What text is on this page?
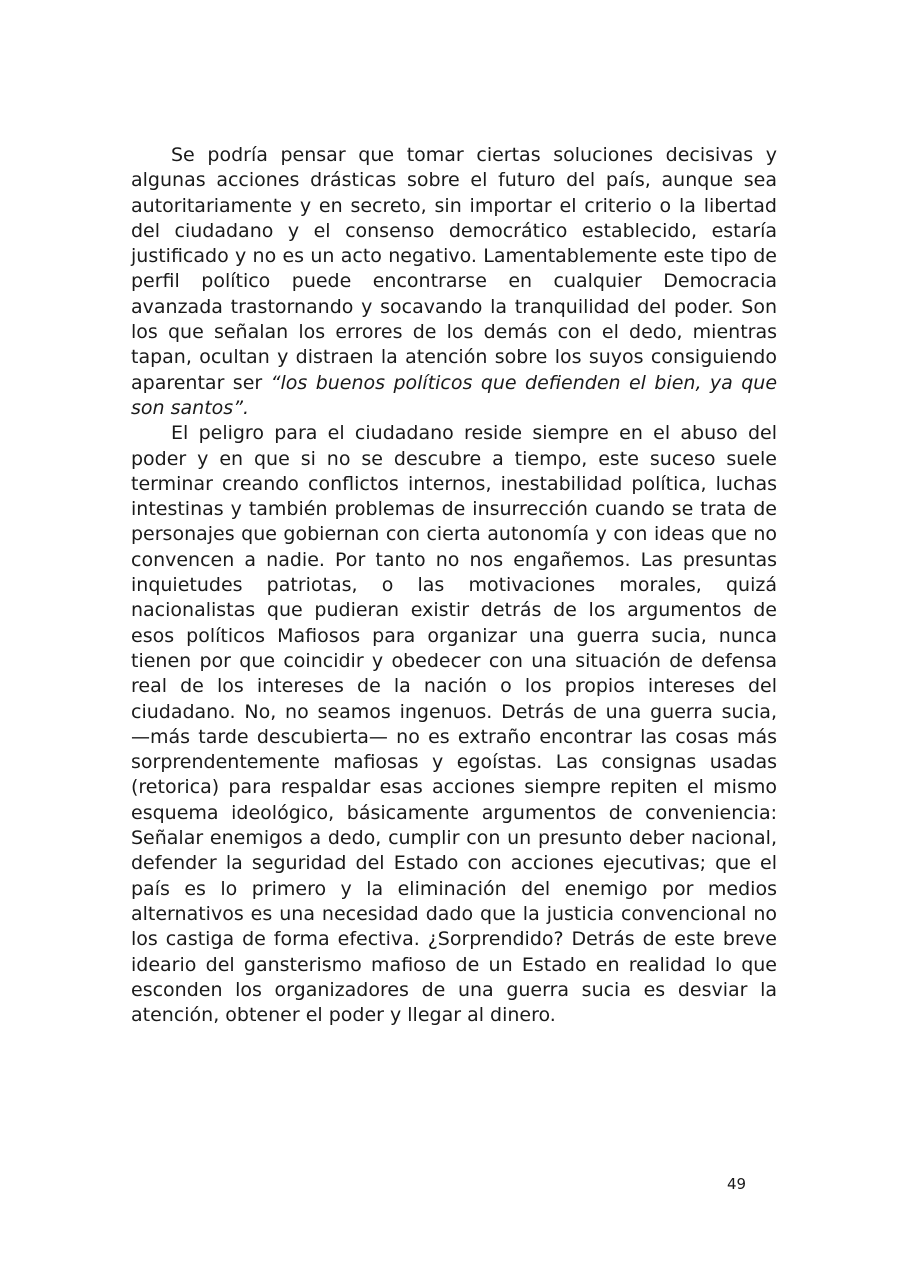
Se podría pensar que tomar ciertas soluciones decisivas y algunas acciones drásticas sobre el futuro del país, aunque sea autoritariamente y en secreto, sin importar el criterio o la libertad del ciudadano y el consenso democrático establecido, estaría justificado y no es un acto negativo. Lamentablemente este tipo de perfil político puede encontrarse en cualquier Democracia avanzada trastornando y socavando la tranquilidad del poder. Son los que señalan los errores de los demás con el dedo, mientras tapan, ocultan y distraen la atención sobre los suyos consiguiendo aparentar ser “los buenos políticos que defienden el bien, ya que son santos”.

El peligro para el ciudadano reside siempre en el abuso del poder y en que si no se descubre a tiempo, este suceso suele terminar creando conflictos internos, inestabilidad política, luchas intestinas y también problemas de insurrección cuando se trata de personajes que gobiernan con cierta autonomía y con ideas que no convencen a nadie. Por tanto no nos engañemos. Las presuntas inquietudes patriotas, o las motivaciones morales, quizá nacionalistas que pudieran existir detrás de los argumentos de esos políticos Mafiosos para organizar una guerra sucia, nunca tienen por que coincidir y obedecer con una situación de defensa real de los intereses de la nación o los propios intereses del ciudadano. No, no seamos ingenuos. Detrás de una guerra sucia, —más tarde descubierta— no es extraño encontrar las cosas más sorprendentemente mafiosas y egoístas. Las consignas usadas (retorica) para respaldar esas acciones siempre repiten el mismo esquema ideológico, básicamente argumentos de conveniencia: Señalar enemigos a dedo, cumplir con un presunto deber nacional, defender la seguridad del Estado con acciones ejecutivas; que el país es lo primero y la eliminación del enemigo por medios alternativos es una necesidad dado que la justicia convencional no los castiga de forma efectiva. ¿Sorprendido? Detrás de este breve ideario del gansterismo mafioso de un Estado en realidad lo que esconden los organizadores de una guerra sucia es desviar la atención, obtener el poder y llegar al dinero.

49
